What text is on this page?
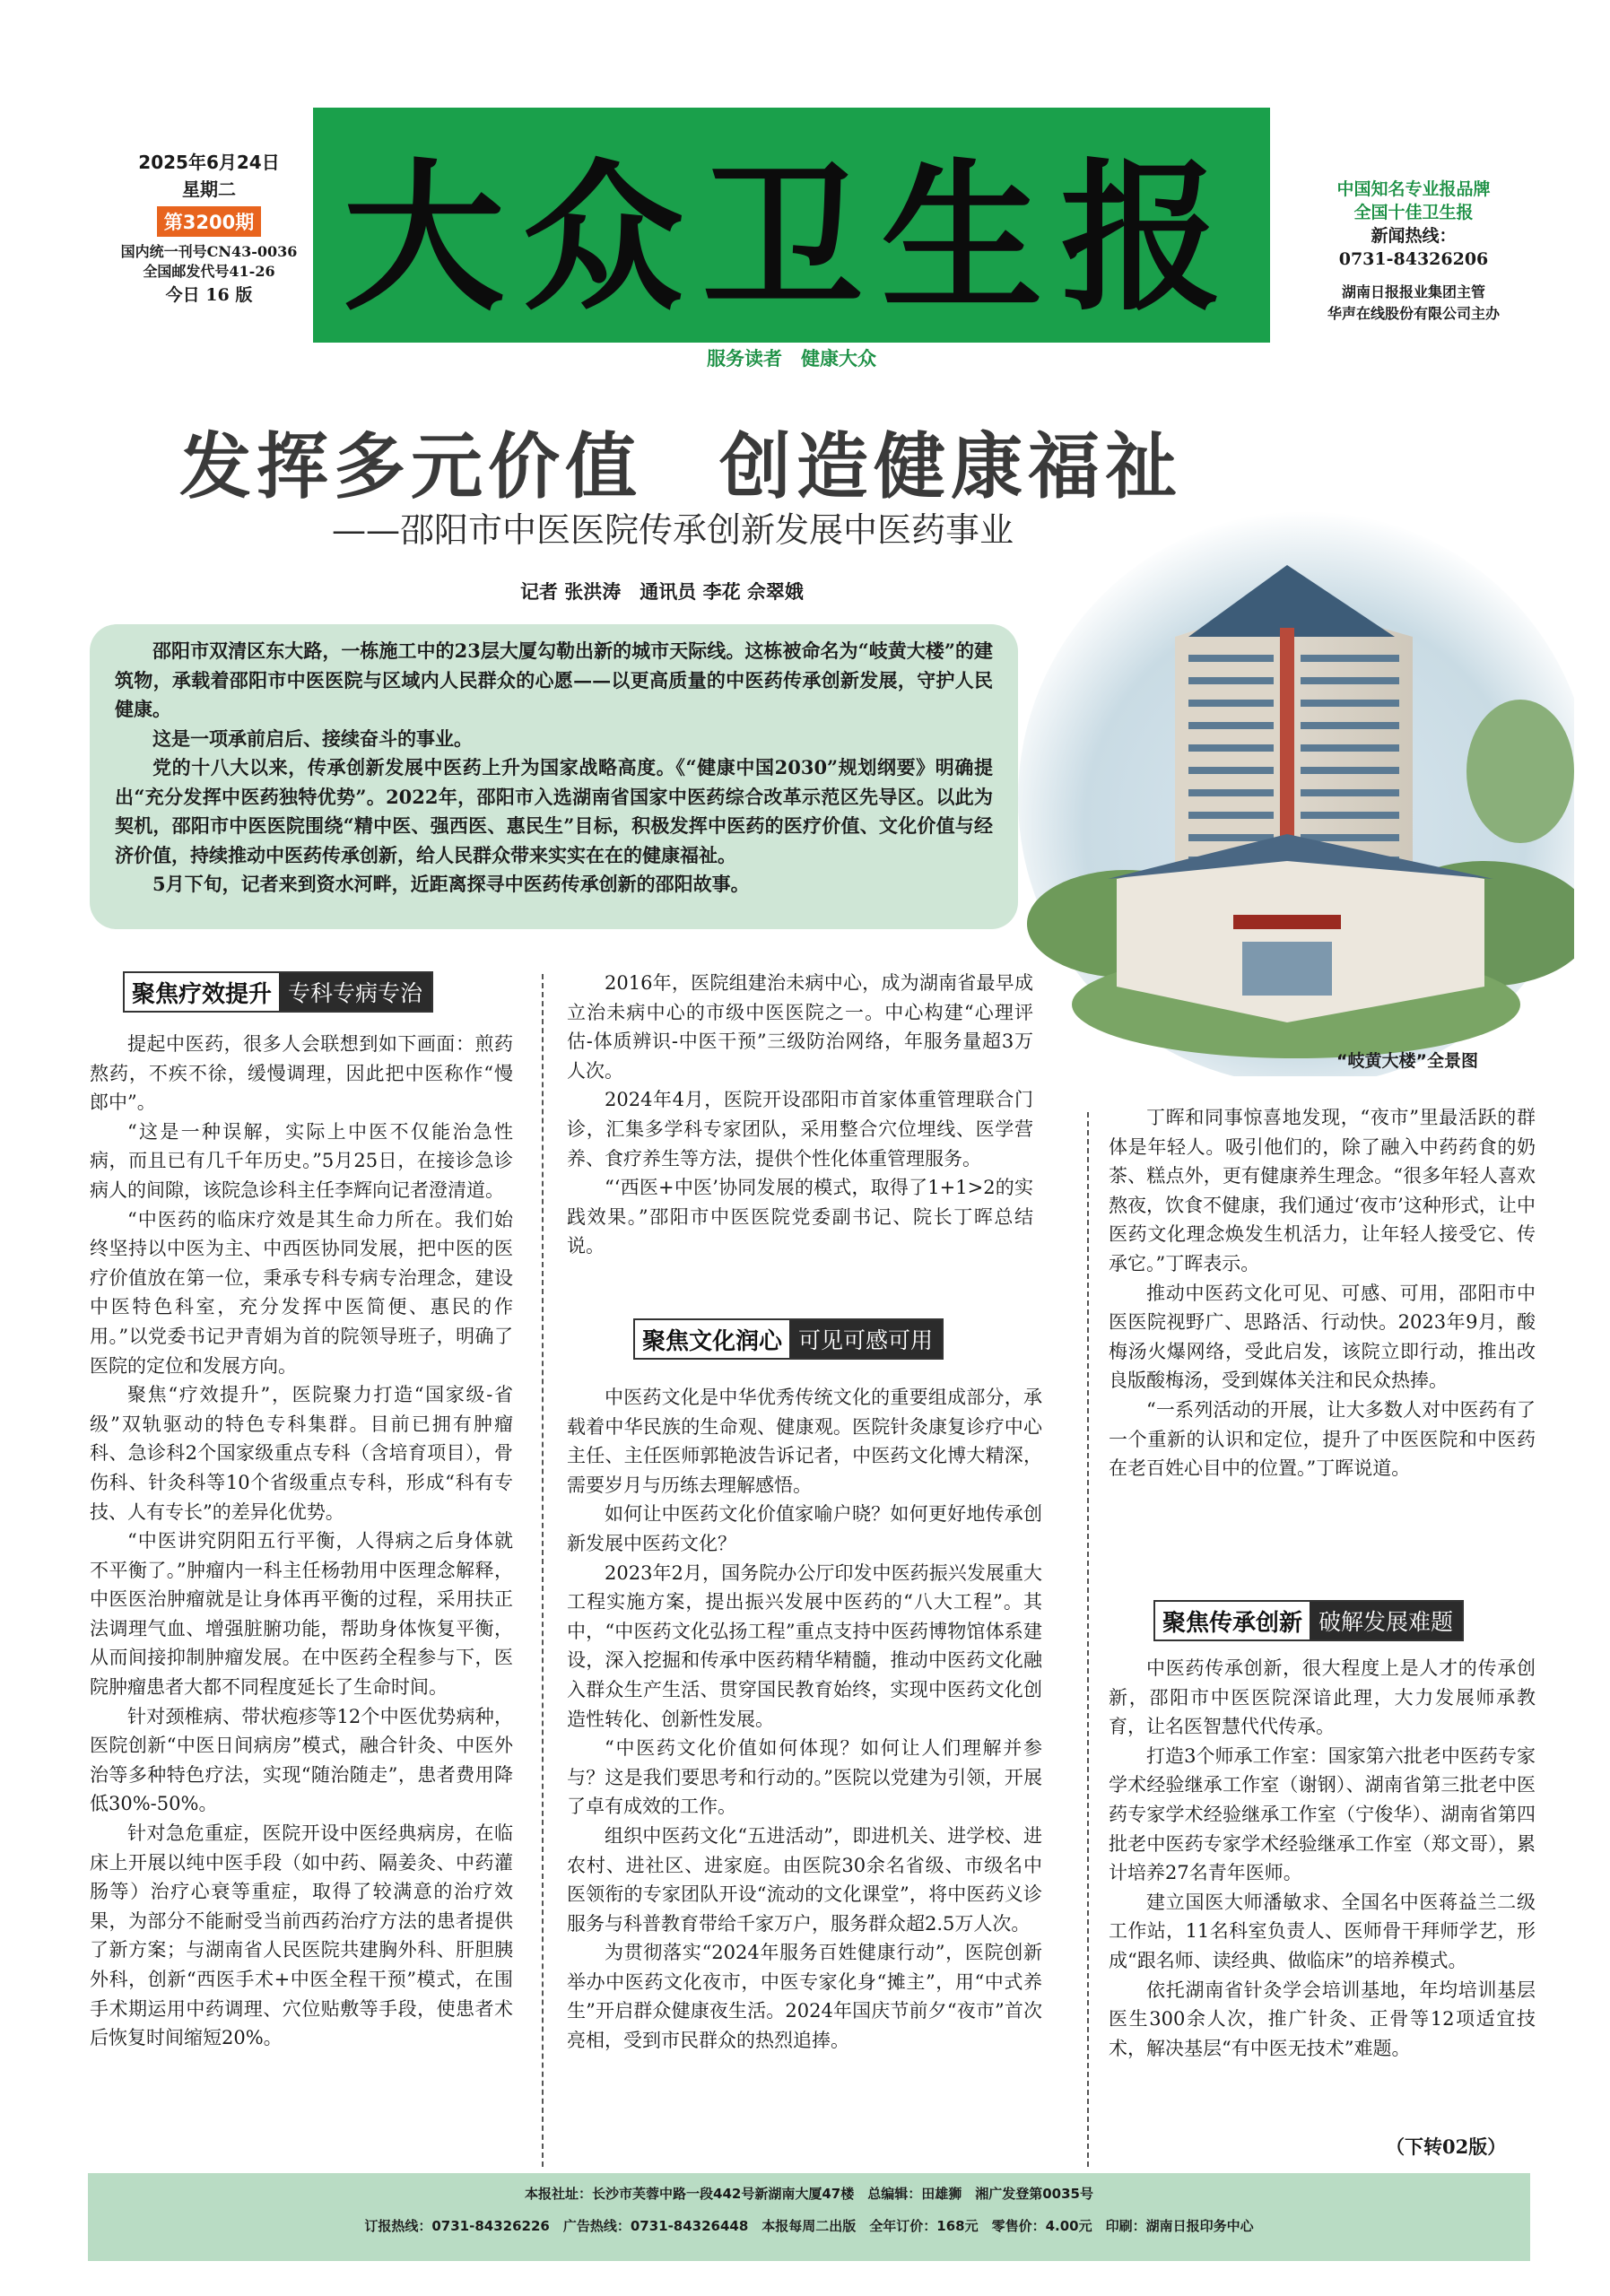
2025年6月24日
星期二
第3200期
国内统一刊号CN43-0036
全国邮发代号41-26
今日 16 版 大众卫生报
服务读者　健康大众
中国知名专业报品牌
全国十佳卫生报
新闻热线：
0731-84326206
湖南日报报业集团主管
华声在线股份有限公司主办
发挥多元价值　创造健康福祉
——邵阳市中医医院传承创新发展中医药事业
记者 张洪涛　通讯员 李花 佘翠娥
“岐黄大楼”全景图

邵阳市双清区东大路，一栋施工中的23层大厦勾勒出新的城市天际线。这栋被命名为“岐黄大楼”的建筑物，承载着邵阳市中医医院与区域内人民群众的心愿——以更高质量的中医药传承创新发展，守护人民健康。

这是一项承前启后、接续奋斗的事业。

党的十八大以来，传承创新发展中医药上升为国家战略高度。《“健康中国2030”规划纲要》明确提出“充分发挥中医药独特优势”。2022年，邵阳市入选湖南省国家中医药综合改革示范区先导区。以此为契机，邵阳市中医医院围绕“精中医、强西医、惠民生”目标，积极发挥中医药的医疗价值、文化价值与经济价值，持续推动中医药传承创新，给人民群众带来实实在在的健康福祉。

5月下旬，记者来到资水河畔，近距离探寻中医药传承创新的邵阳故事。

聚焦疗效提升 专科专病专治

提起中医药，很多人会联想到如下画面：煎药熬药，不疾不徐，缓慢调理，因此把中医称作“慢郎中”。

“这是一种误解，实际上中医不仅能治急性病，而且已有几千年历史。”5月25日，在接诊急诊病人的间隙，该院急诊科主任李辉向记者澄清道。

“中医药的临床疗效是其生命力所在。我们始终坚持以中医为主、中西医协同发展，把中医的医疗价值放在第一位，秉承专科专病专治理念，建设中医特色科室，充分发挥中医简便、惠民的作用。”以党委书记尹青娟为首的院领导班子，明确了医院的定位和发展方向。

聚焦“疗效提升”，医院聚力打造“国家级-省级”双轨驱动的特色专科集群。目前已拥有肿瘤科、急诊科2个国家级重点专科（含培育项目），骨伤科、针灸科等10个省级重点专科，形成“科有专技、人有专长”的差异化优势。

“中医讲究阴阳五行平衡，人得病之后身体就不平衡了。”肿瘤内一科主任杨勃用中医理念解释，中医医治肿瘤就是让身体再平衡的过程，采用扶正法调理气血、增强脏腑功能，帮助身体恢复平衡，从而间接抑制肿瘤发展。在中医药全程参与下，医院肿瘤患者大都不同程度延长了生命时间。

针对颈椎病、带状疱疹等12个中医优势病种，医院创新“中医日间病房”模式，融合针灸、中医外治等多种特色疗法，实现“随治随走”，患者费用降低30%-50%。

针对急危重症，医院开设中医经典病房，在临床上开展以纯中医手段（如中药、隔姜灸、中药灌肠等）治疗心衰等重症，取得了较满意的治疗效果，为部分不能耐受当前西药治疗方法的患者提供了新方案；与湖南省人民医院共建胸外科、肝胆胰外科，创新“西医手术+中医全程干预”模式，在围手术期运用中药调理、穴位贴敷等手段，使患者术后恢复时间缩短20%。

2016年，医院组建治未病中心，成为湖南省最早成立治未病中心的市级中医医院之一。中心构建“心理评估-体质辨识-中医干预”三级防治网络，年服务量超3万人次。

2024年4月，医院开设邵阳市首家体重管理联合门诊，汇集多学科专家团队，采用整合穴位埋线、医学营养、食疗养生等方法，提供个性化体重管理服务。

“‘西医+中医’协同发展的模式，取得了1+1>2的实践效果。”邵阳市中医医院党委副书记、院长丁晖总结说。

聚焦文化润心 可见可感可用

中医药文化是中华优秀传统文化的重要组成部分，承载着中华民族的生命观、健康观。医院针灸康复诊疗中心主任、主任医师郭艳波告诉记者，中医药文化博大精深，需要岁月与历练去理解感悟。

如何让中医药文化价值家喻户晓？如何更好地传承创新发展中医药文化？

2023年2月，国务院办公厅印发中医药振兴发展重大工程实施方案，提出振兴发展中医药的“八大工程”。其中，“中医药文化弘扬工程”重点支持中医药博物馆体系建设，深入挖掘和传承中医药精华精髓，推动中医药文化融入群众生产生活、贯穿国民教育始终，实现中医药文化创造性转化、创新性发展。

“中医药文化价值如何体现？如何让人们理解并参与？这是我们要思考和行动的。”医院以党建为引领，开展了卓有成效的工作。

组织中医药文化“五进活动”，即进机关、进学校、进农村、进社区、进家庭。由医院30余名省级、市级名中医领衔的专家团队开设“流动的文化课堂”，将中医药义诊服务与科普教育带给千家万户，服务群众超2.5万人次。

为贯彻落实“2024年服务百姓健康行动”，医院创新举办中医药文化夜市，中医专家化身“摊主”，用“中式养生”开启群众健康夜生活。2024年国庆节前夕“夜市”首次亮相，受到市民群众的热烈追捧。

丁晖和同事惊喜地发现，“夜市”里最活跃的群体是年轻人。吸引他们的，除了融入中药药食的奶茶、糕点外，更有健康养生理念。“很多年轻人喜欢熬夜，饮食不健康，我们通过‘夜市’这种形式，让中医药文化理念焕发生机活力，让年轻人接受它、传承它。”丁晖表示。

推动中医药文化可见、可感、可用，邵阳市中医医院视野广、思路活、行动快。2023年9月，酸梅汤火爆网络，受此启发，该院立即行动，推出改良版酸梅汤，受到媒体关注和民众热捧。

“一系列活动的开展，让大多数人对中医药有了一个重新的认识和定位，提升了中医医院和中医药在老百姓心目中的位置。”丁晖说道。

聚焦传承创新 破解发展难题

中医药传承创新，很大程度上是人才的传承创新，邵阳市中医医院深谙此理，大力发展师承教育，让名医智慧代代传承。

打造3个师承工作室：国家第六批老中医药专家学术经验继承工作室（谢钢）、湖南省第三批老中医药专家学术经验继承工作室（宁俊华）、湖南省第四批老中医药专家学术经验继承工作室（郑文哥），累计培养27名青年医师。

建立国医大师潘敏求、全国名中医蒋益兰二级工作站，11名科室负责人、医师骨干拜师学艺，形成“跟名师、读经典、做临床”的培养模式。

依托湖南省针灸学会培训基地，年均培训基层医生300余人次，推广针灸、正骨等12项适宜技术，解决基层“有中医无技术”难题。

（下转02版）
本报社址：长沙市芙蓉中路一段442号新湖南大厦47楼　总编辑：田雄狮　湘广发登第0035号
订报热线：0731-84326226　广告热线：0731-84326448　本报每周二出版　全年订价：168元　零售价：4.00元　印刷：湖南日报印务中心
